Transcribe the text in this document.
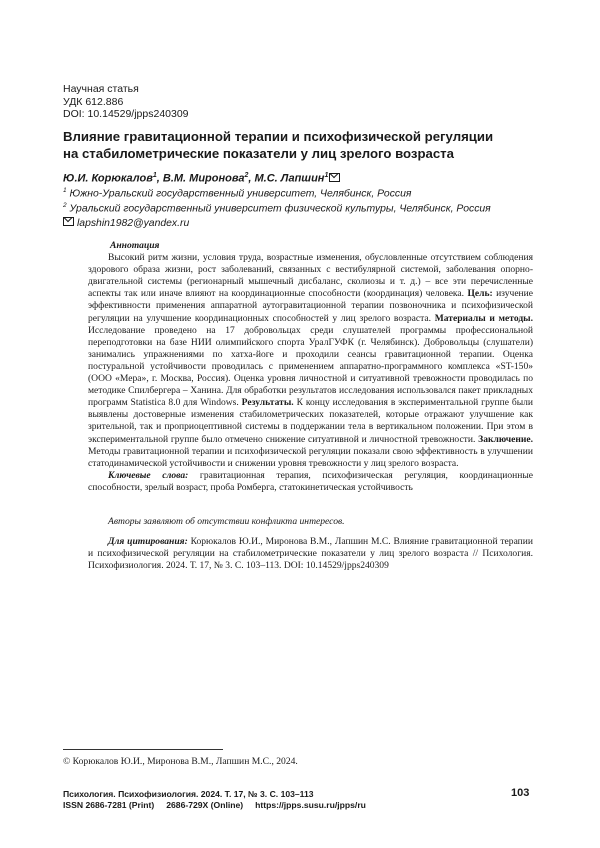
Научная статья
УДК 612.886
DOI: 10.14529/jpps240309
Влияние гравитационной терапии и психофизической регуляции
на стабилометрические показатели у лиц зрелого возраста
Ю.И. Корюкалов$^1$, В.М. Миронова$^2$, М.С. Лапшин$^1$
$^1$ Южно-Уральский государственный университет, Челябинск, Россия
$^2$ Уральский государственный университет физической культуры, Челябинск, Россия
lapshin1982@yandex.ru
Аннотация
Высокий ритм жизни, условия труда, возрастные изменения, обусловленные отсутствием соблюдения здорового образа жизни, рост заболеваний, связанных с вестибулярной системой, заболевания опорно-двигательной системы (регионарный мышечный дисбаланс, сколиозы и т. д.) – все эти перечисленные аспекты так или иначе влияют на координационные способности (координация) человека. Цель: изучение эффективности применения аппаратной аутогравитационной терапии позвоночника и психофизической регуляции на улучшение координационных способностей у лиц зрелого возраста. Материалы и методы. Исследование проведено на 17 добровольцах среди слушателей программы профессиональной переподготовки на базе НИИ олимпийского спорта УралГУФК (г. Челябинск). Добровольцы (слушатели) занимались упражнениями по хатха-йоге и проходили сеансы гравитационной терапии. Оценка постуральной устойчивости проводилась с применением аппаратно-программного комплекса «ST-150» (ООО «Мера», г. Москва, Россия). Оценка уровня личностной и ситуативной тревожности проводилась по методике Спилбергера – Ханина. Для обработки результатов исследования использовался пакет прикладных программ Statistica 8.0 для Windows. Результаты. К концу исследования в экспериментальной группе были выявлены достоверные изменения стабилометрических показателей, которые отражают улучшение как зрительной, так и проприоцептивной системы в поддержании тела в вертикальном положении. При этом в экспериментальной группе было отмечено снижение ситуативной и личностной тревожности. Заключение. Методы гравитационной терапии и психофизической регуляции показали свою эффективность в улучшении статодинамической устойчивости и снижении уровня тревожности у лиц зрелого возраста.
Ключевые слова: гравитационная терапия, психофизическая регуляция, координационные способности, зрелый возраст, проба Ромберга, статокинетическая устойчивость
Авторы заявляют об отсутствии конфликта интересов.
Для цитирования: Корюкалов Ю.И., Миронова В.М., Лапшин М.С. Влияние гравитационной терапии и психофизической регуляции на стабилометрические показатели у лиц зрелого возраста // Психология. Психофизиология. 2024. Т. 17, № 3. С. 103–113. DOI: 10.14529/jpps240309
© Корюкалов Ю.И., Миронова В.М., Лапшин М.С., 2024.
Психология. Психофизиология. 2024. Т. 17, № 3. С. 103–113
ISSN 2686-7281 (Print) 2686-729X (Online) https://jpps.susu.ru/jpps/ru
103
